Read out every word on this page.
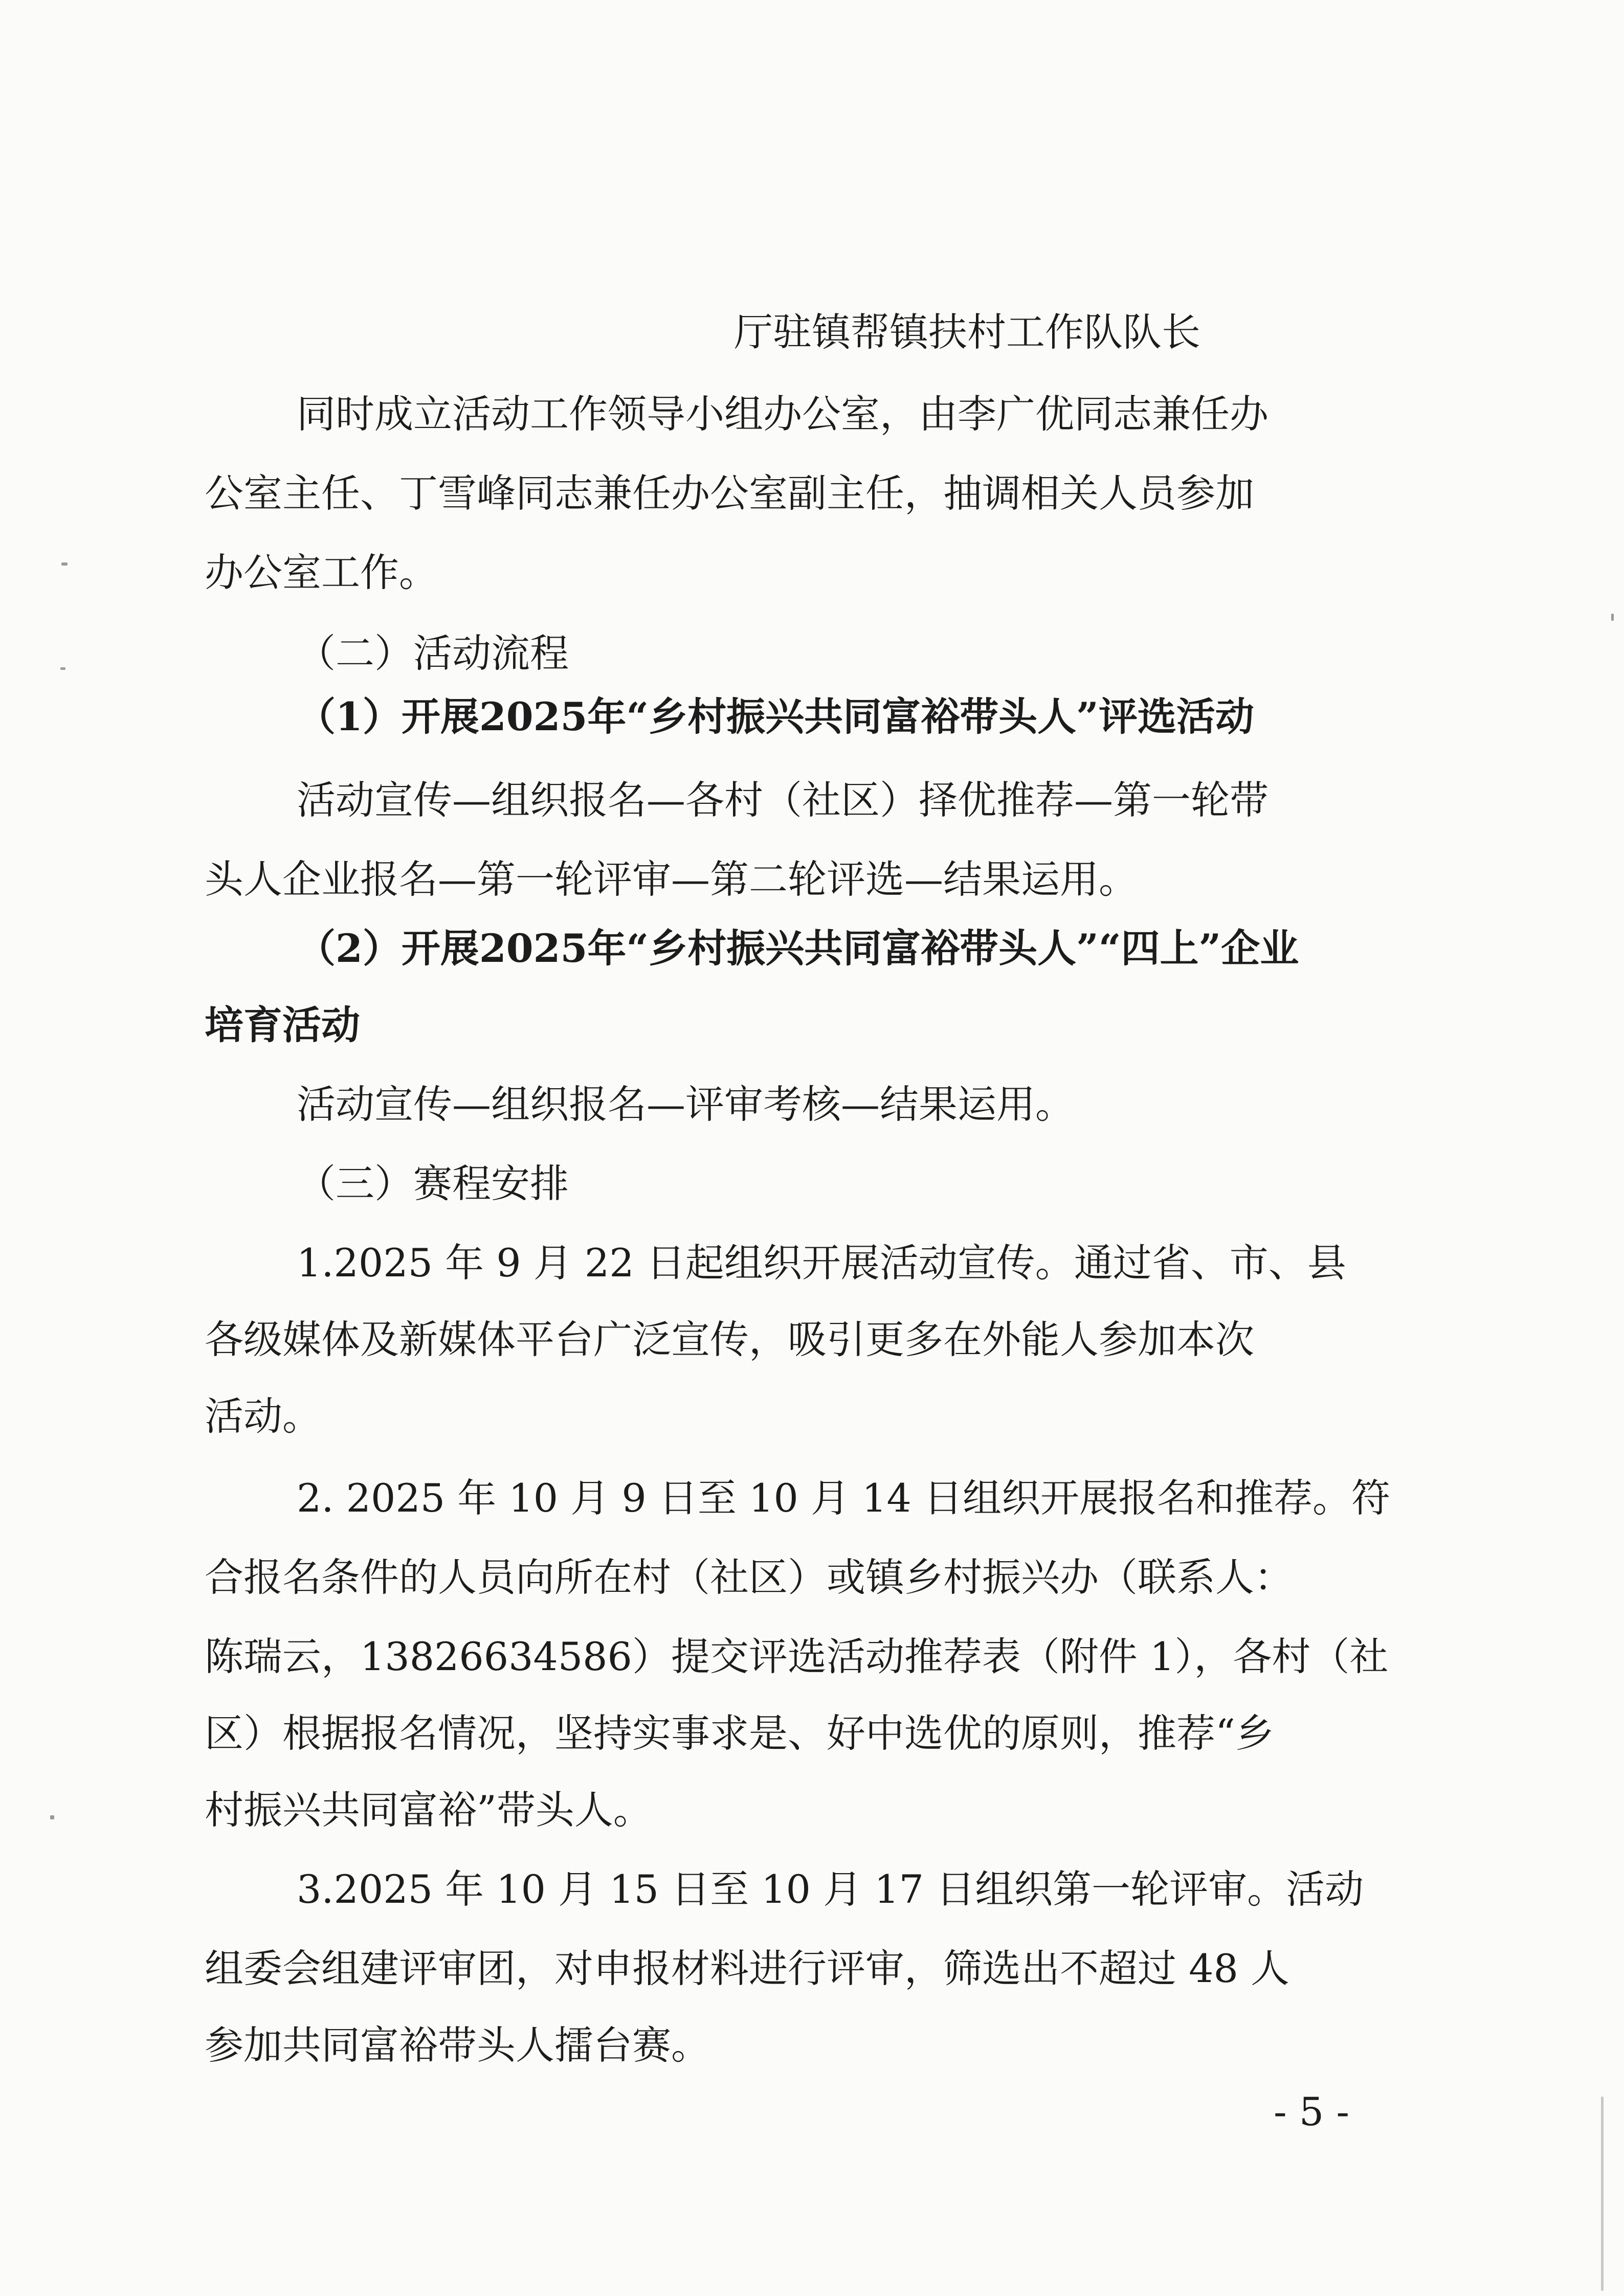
厅驻镇帮镇扶村工作队队长

同时成立活动工作领导小组办公室，由李广优同志兼任办

公室主任、丁雪峰同志兼任办公室副主任，抽调相关人员参加

办公室工作。

（二）活动流程

（1）开展2025年“乡村振兴共同富裕带头人”评选活动

活动宣传—组织报名—各村（社区）择优推荐—第一轮带

头人企业报名—第一轮评审—第二轮评选—结果运用。

（2）开展2025年“乡村振兴共同富裕带头人”“四上”企业

培育活动

活动宣传—组织报名—评审考核—结果运用。

（三）赛程安排

1.2025 年 9 月 22 日起组织开展活动宣传。通过省、市、县

各级媒体及新媒体平台广泛宣传，吸引更多在外能人参加本次

活动。

2. 2025 年 10 月 9 日至 10 月 14 日组织开展报名和推荐。符

合报名条件的人员向所在村（社区）或镇乡村振兴办（联系人：

陈瑞云，13826634586）提交评选活动推荐表（附件 1），各村（社

区）根据报名情况，坚持实事求是、好中选优的原则，推荐“乡

村振兴共同富裕”带头人。

3.2025 年 10 月 15 日至 10 月 17 日组织第一轮评审。活动

组委会组建评审团，对申报材料进行评审，筛选出不超过 48 人

参加共同富裕带头人擂台赛。

- 5 -
